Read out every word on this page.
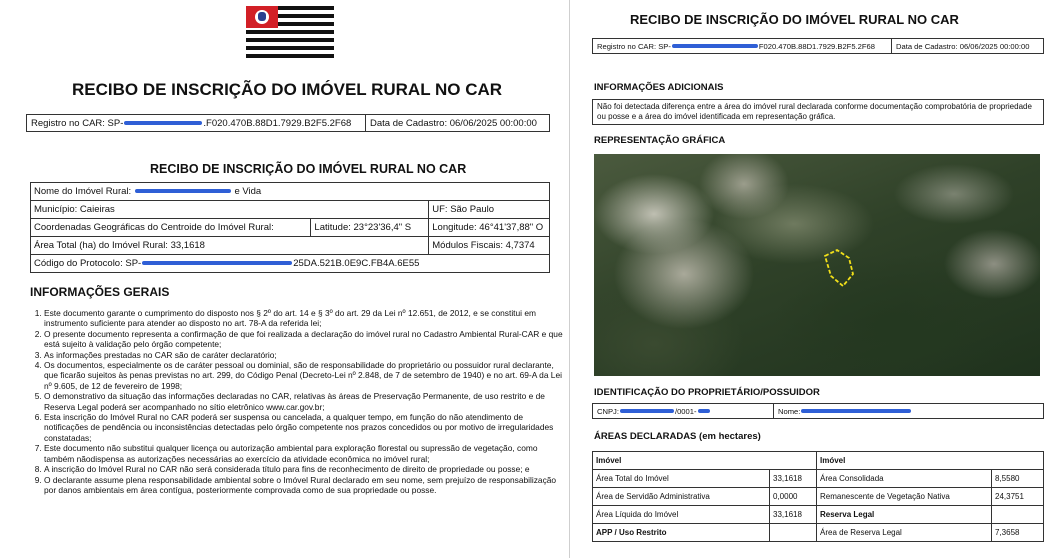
RECIBO DE INSCRIÇÃO DO IMÓVEL RURAL NO CAR
Registro no CAR: SP-	.F020.470B.88D1.7929.B2F5.2F68	Data de Cadastro: 06/06/2025 00:00:00
RECIBO DE INSCRIÇÃO DO IMÓVEL RURAL NO CAR
Nome do Imóvel Rural: e Vida		
Município: Caieiras		UF: São Paulo
Coordenadas Geográficas do Centroide do Imóvel Rural:	Latitude: 23°23'36,4" S	Longitude: 46°41'37,88" O
Área Total (ha) do Imóvel Rural: 33,1618		Módulos Fiscais: 4,7374
Código do Protocolo: SP- 25DA.521B.0E9C.FB4A.6E55		
INFORMAÇÕES GERAIS
1. Este documento garante o cumprimento do disposto nos § 2º do art. 14 e § 3º do art. 29 da Lei nº 12.651, de 2012, e se constitui em instrumento suficiente para atender ao disposto no art. 78-A da referida lei;
2. O presente documento representa a confirmação de que foi realizada a declaração do imóvel rural no Cadastro Ambiental Rural-CAR e que está sujeito à validação pelo órgão competente;
3. As informações prestadas no CAR são de caráter declaratório;
4. Os documentos, especialmente os de caráter pessoal ou dominial, são de responsabilidade do proprietário ou possuidor rural declarante, que ficarão sujeitos às penas previstas no art. 299, do Código Penal (Decreto-Lei nº 2.848, de 7 de setembro de 1940) e no art. 69-A da Lei nº 9.605, de 12 de fevereiro de 1998;
5. O demonstrativo da situação das informações declaradas no CAR, relativas às áreas de Preservação Permanente, de uso restrito e de Reserva Legal poderá ser acompanhado no sítio eletrônico www.car.gov.br;
6. Esta inscrição do Imóvel Rural no CAR poderá ser suspensa ou cancelada, a qualquer tempo, em função do não atendimento de notificações de pendência ou inconsistências detectadas pelo órgão competente nos prazos concedidos ou por motivo de irregularidades constatadas;
7. Este documento não substitui qualquer licença ou autorização ambiental para exploração florestal ou supressão de vegetação, como também nãodispensa as autorizações necessárias ao exercício da atividade econômica no imóvel rural;
8. A inscrição do Imóvel Rural no CAR não será considerada título para fins de reconhecimento de direito de propriedade ou posse; e
9. O declarante assume plena responsabilidade ambiental sobre o Imóvel Rural declarado em seu nome, sem prejuízo de responsabilização por danos ambientais em área contígua, posteriormente comprovada como de sua propriedade ou posse.
RECIBO DE INSCRIÇÃO DO IMÓVEL RURAL NO CAR
Registro no CAR: SP-	F020.470B.88D1.7929.B2F5.2F68	Data de Cadastro: 06/06/2025 00:00:00
INFORMAÇÕES ADICIONAIS
Não foi detectada diferença entre a área do imóvel rural declarada conforme documentação comprobatória de propriedade ou posse e a área do imóvel identificada em representação gráfica.
REPRESENTAÇÃO GRÁFICA
IDENTIFICAÇÃO DO PROPRIETÁRIO/POSSUIDOR
CNPJ:	/0001-	Nome:
ÁREAS DECLARADAS (em hectares)
Imóvel		Imóvel	
Área Total do Imóvel	33,1618	Área Consolidada	8,5580
Área de Servidão Administrativa	0,0000	Remanescente de Vegetação Nativa	24,3751
Área Líquida do Imóvel	33,1618	Reserva Legal	
APP / Uso Restrito		Área de Reserva Legal	7,3658
